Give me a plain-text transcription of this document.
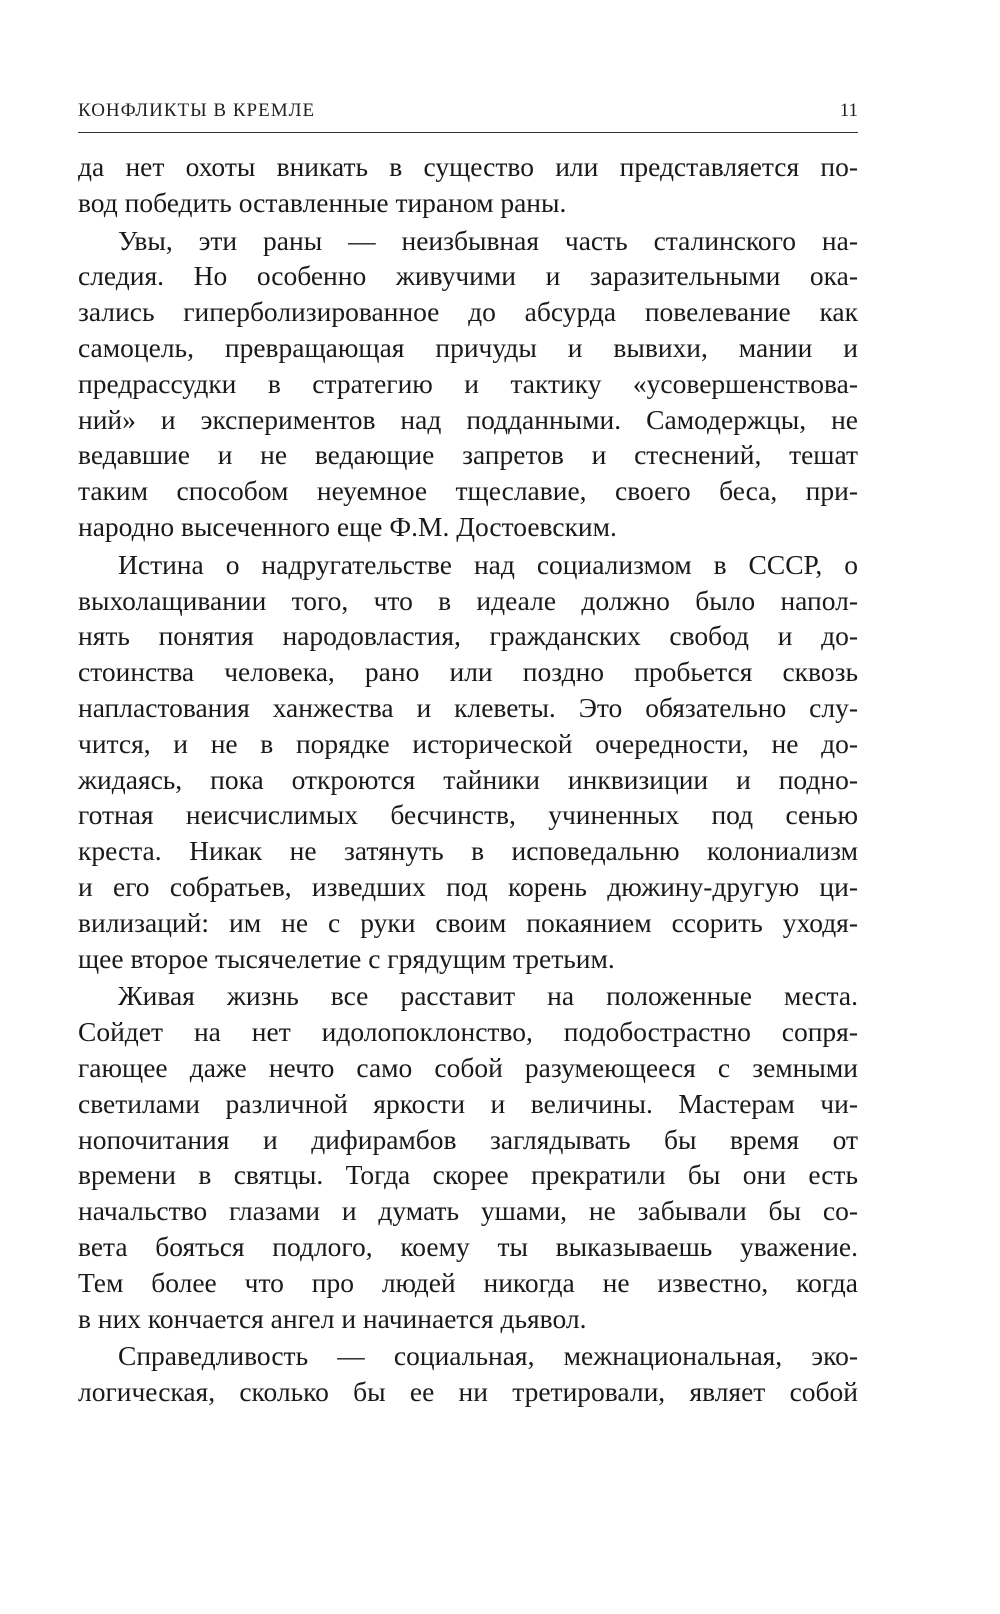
КОНФЛИКТЫ В КРЕМЛЕ	11
да нет охоты вникать в существо или представляется по-
вод победить оставленные тираном раны.
Увы, эти раны — неизбывная часть сталинского на-
следия. Но особенно живучими и заразительными ока-
зались гиперболизированное до абсурда повелевание как
самоцель, превращающая причуды и вывихи, мании и
предрассудки в стратегию и тактику «усовершенствова-
ний» и экспериментов над подданными. Самодержцы, не
ведавшие и не ведающие запретов и стеснений, тешат
таким способом неуемное тщеславие, своего беса, при-
народно высеченного еще Ф.М. Достоевским.
Истина о надругательстве над социализмом в СССР, о
выхолащивании того, что в идеале должно было напол-
нять понятия народовластия, гражданских свобод и до-
стоинства человека, рано или поздно пробьется сквозь
напластования ханжества и клеветы. Это обязательно слу-
чится, и не в порядке исторической очередности, не до-
жидаясь, пока откроются тайники инквизиции и подно-
готная неисчислимых бесчинств, учиненных под сенью
креста. Никак не затянуть в исповедальню колониализм
и его собратьев, изведших под корень дюжину-другую ци-
вилизаций: им не с руки своим покаянием ссорить уходя-
щее второе тысячелетие с грядущим третьим.
Живая жизнь все расставит на положенные места.
Сойдет на нет идолопоклонство, подобострастно сопря-
гающее даже нечто само собой разумеющееся с земными
светилами различной яркости и величины. Мастерам чи-
нопочитания и дифирамбов заглядывать бы время от
времени в святцы. Тогда скорее прекратили бы они есть
начальство глазами и думать ушами, не забывали бы со-
вета бояться подлого, коему ты выказываешь уважение.
Тем более что про людей никогда не известно, когда
в них кончается ангел и начинается дьявол.
Справедливость — социальная, межнациональная, эко-
логическая, сколько бы ее ни третировали, являет собой
